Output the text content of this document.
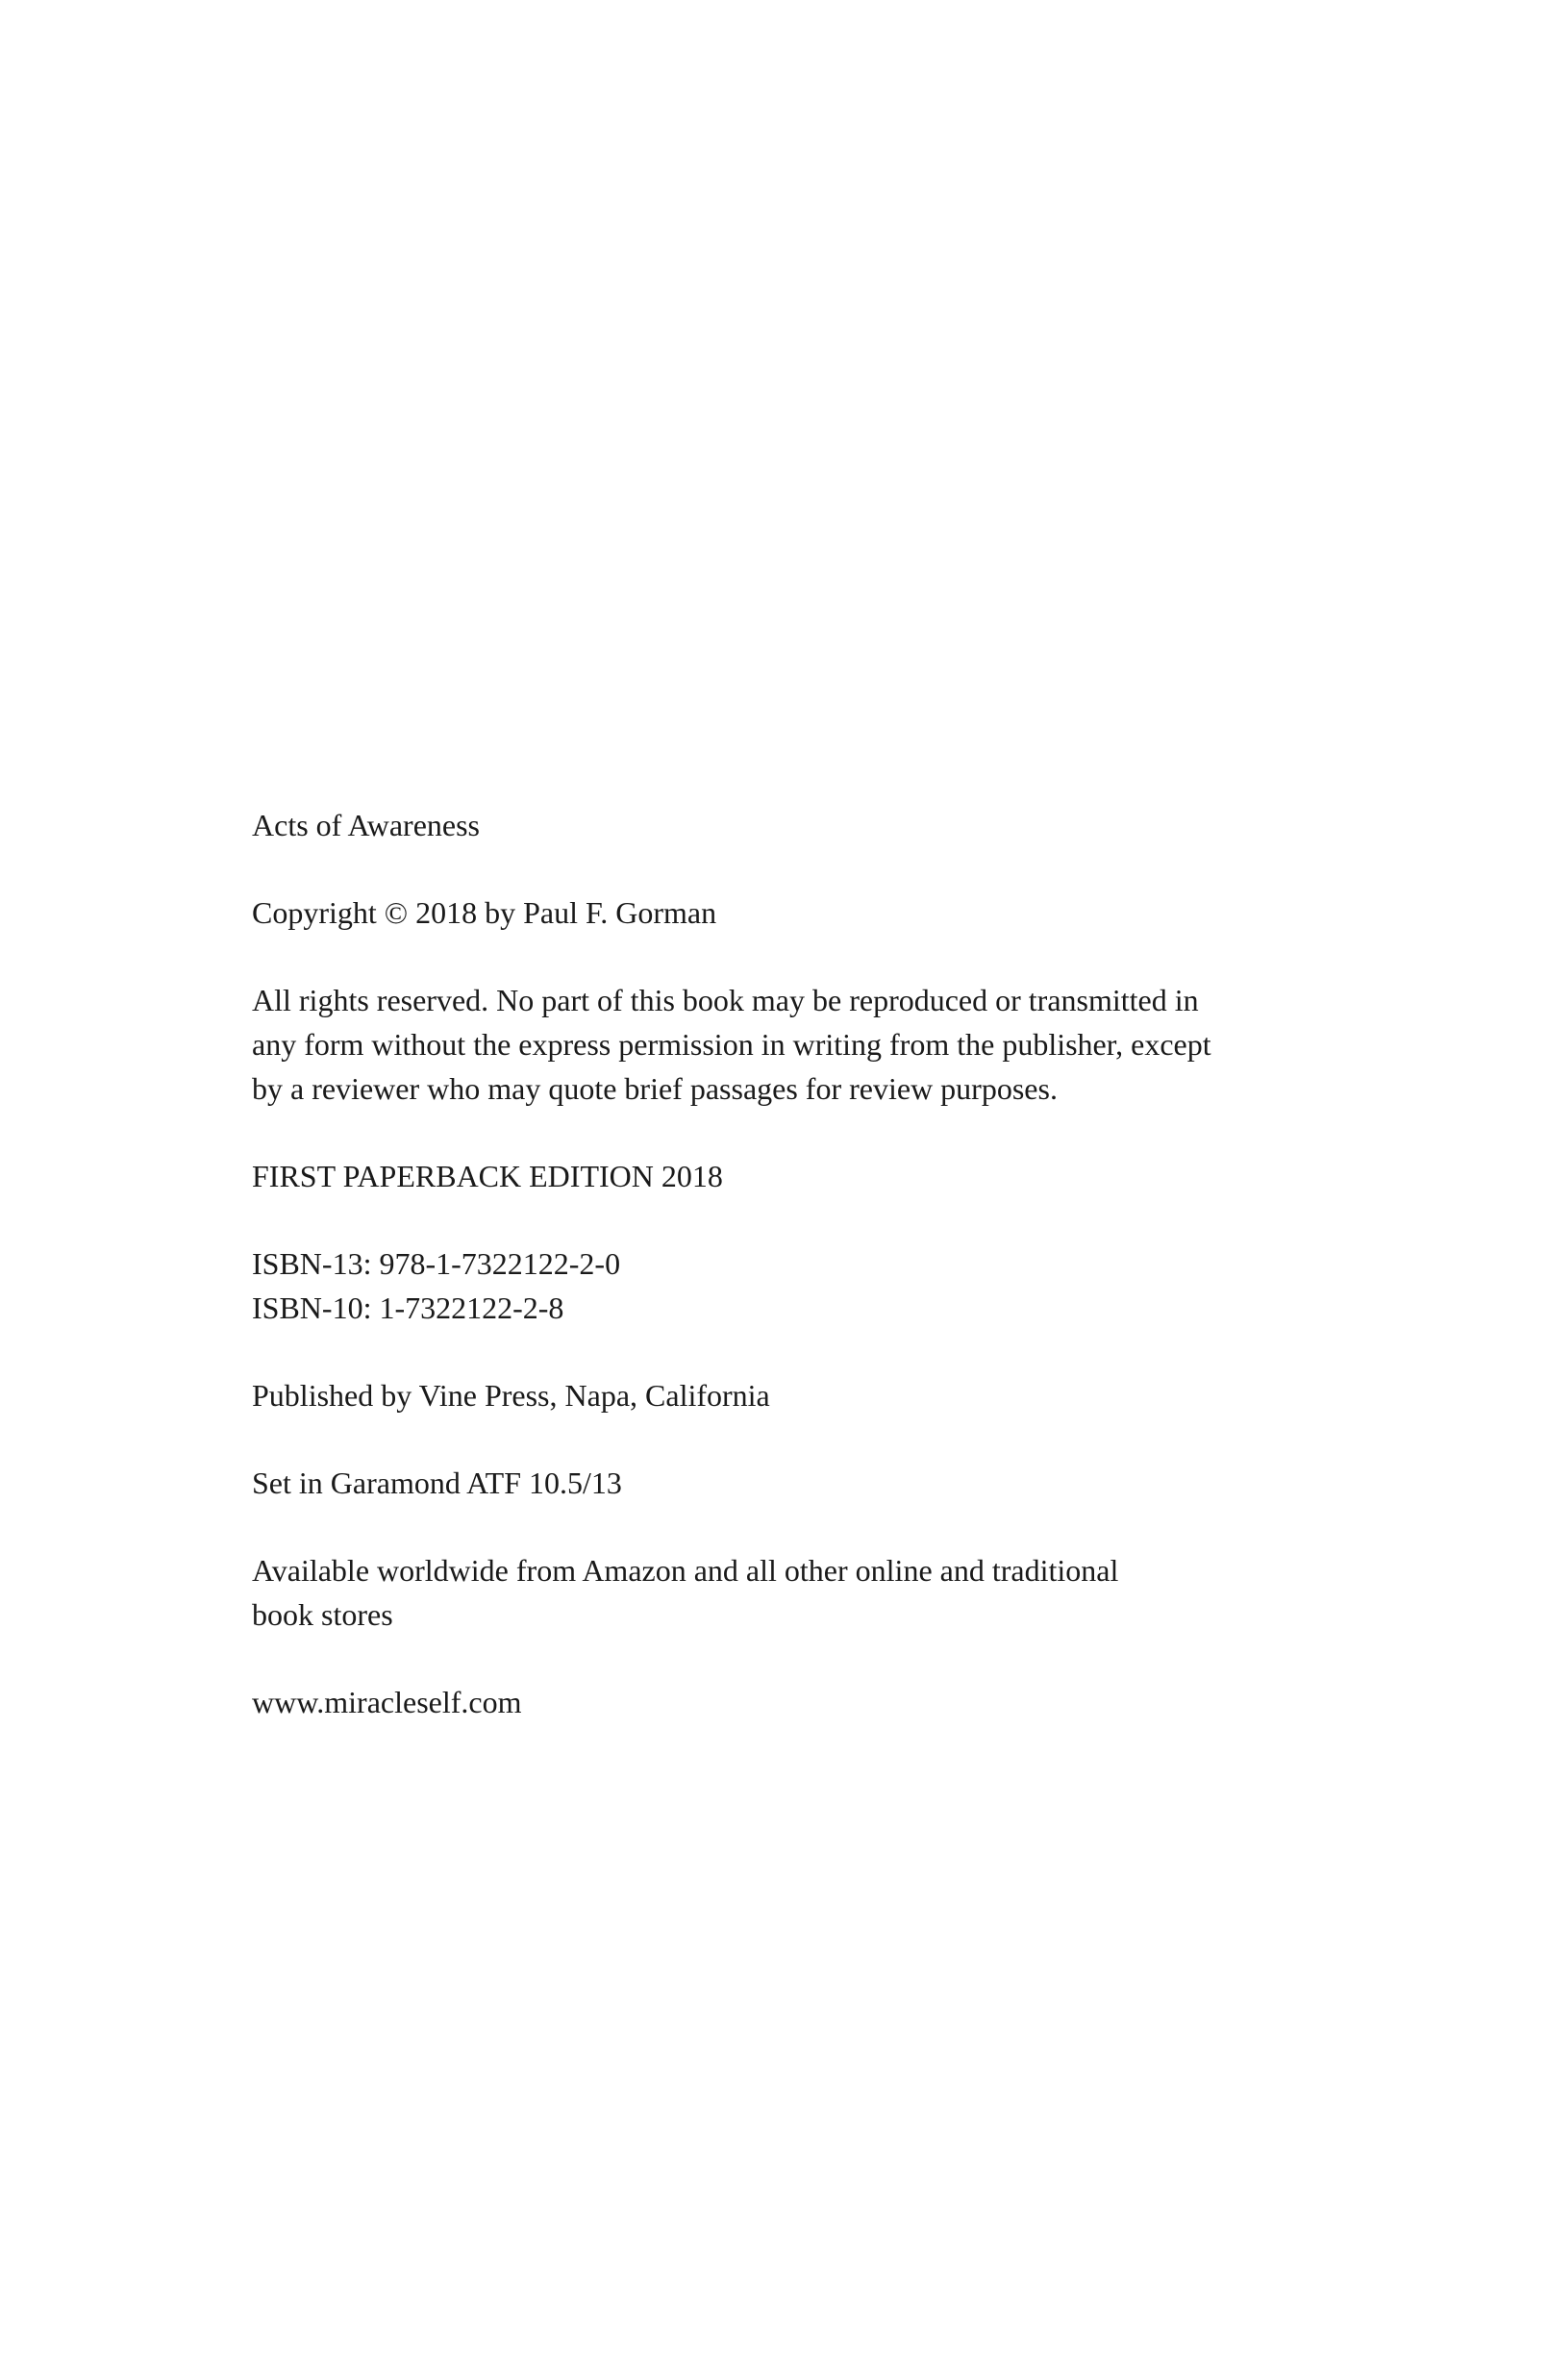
Acts of Awareness

Copyright © 2018 by Paul F. Gorman

All rights reserved. No part of this book may be reproduced or transmitted in
any form without the express permission in writing from the publisher, except
by a reviewer who may quote brief passages for review purposes.

FIRST PAPERBACK EDITION 2018

ISBN-13: 978-1-7322122-2-0
ISBN-10: 1-7322122-2-8

Published by Vine Press, Napa, California

Set in Garamond ATF 10.5/13

Available worldwide from Amazon and all other online and traditional
book stores

www.miracleself.com
